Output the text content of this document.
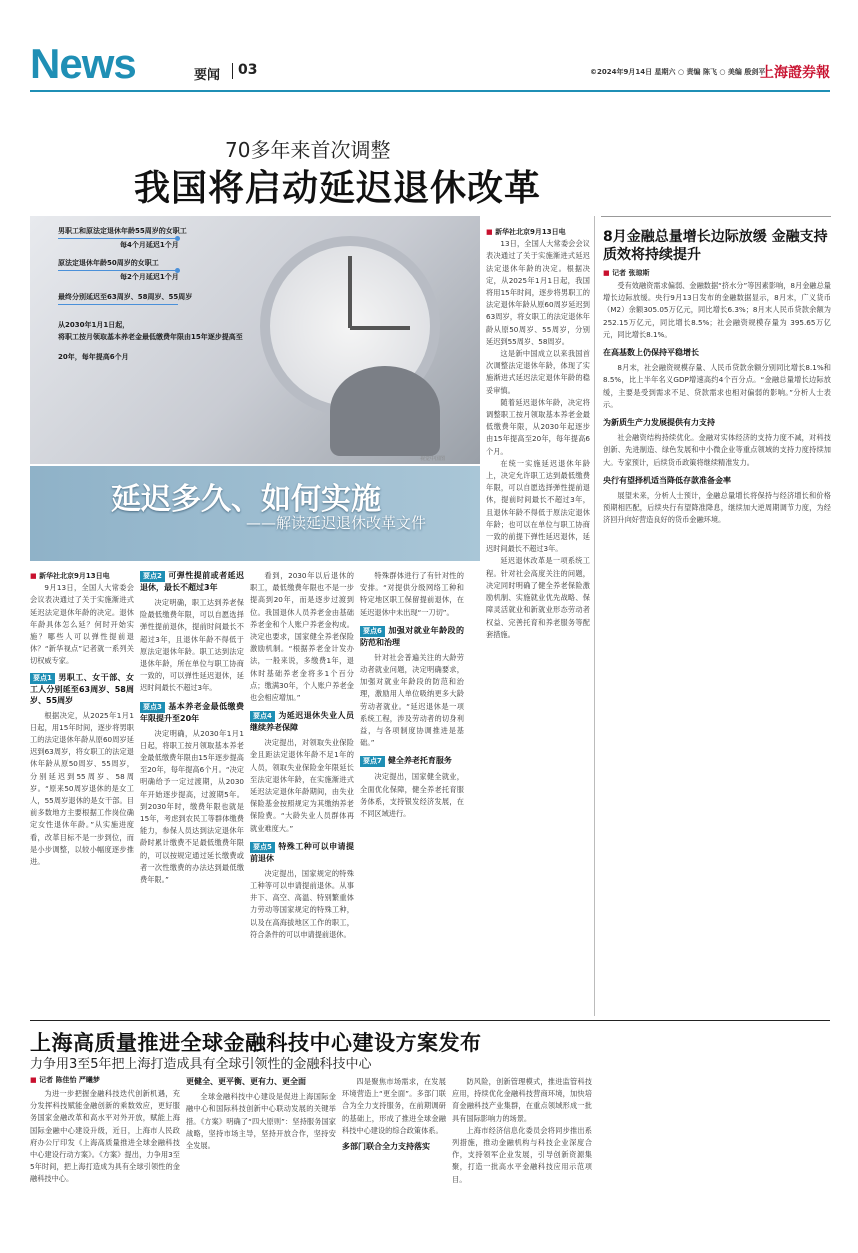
News	要闻 03	©2024年9月14日 星期六 ○ 责编 陈飞 ○ 美编 殷剑平
上海證券報
70多年来首次调整
我国将启动延迟退休改革
视觉中国图
男职工和原法定退休年龄55周岁的女职工
每4个月延迟1个月
原法定退休年龄50周岁的女职工
每2个月延迟1个月
最终分别延迟至63周岁、58周岁、55周岁
从2030年1月1日起，
将职工按月领取基本养老金最低缴费年限由15年逐步提高至
20年，每年提高6个月
延迟多久、如何实施
——解读延迟退休改革文件
■ 新华社北京9月13日电

13日，全国人大常委会会议表决通过了关于实施渐进式延迟法定退休年龄的决定。根据决定，从2025年1月1日起，我国将用15年时间，逐步将男职工的法定退休年龄从原60周岁延迟到63周岁，将女职工的法定退休年龄从原50周岁、55周岁，分别延迟到55周岁、58周岁。

这是新中国成立以来我国首次调整法定退休年龄，体现了实施渐进式延迟法定退休年龄的稳妥审慎。

随着延迟退休年龄，决定将调整职工按月领取基本养老金最低缴费年限，从2030年起逐步由15年提高至20年，每年提高6个月。

在统一实施延迟退休年龄上，决定允许职工达到最低缴费年限，可以自愿选择弹性提前退休，提前时间最长不超过3年，且退休年龄不得低于原法定退休年龄；也可以在单位与职工协商一致的前提下弹性延迟退休，延迟时间最长不超过3年。

延迟退休改革是一项系统工程。针对社会高度关注的问题，决定同时明确了健全养老保险激励机制、实施就业优先战略、保障灵活就业和新就业形态劳动者权益、完善托育和养老服务等配套措施。

■ 新华社北京9月13日电

9月13日，全国人大常委会会议表决通过了关于实施渐进式延迟法定退休年龄的决定。退休年龄具体怎么延？何时开始实施？哪些人可以弹性提前退休？“新华视点”记者就一系列关切权威专家。

要点1 男职工、女干部、女工人分别延至63周岁、58周岁、55周岁

根据决定，从2025年1月1日起，用15年时间，逐步将男职工的法定退休年龄从原60周岁延迟到63周岁，将女职工的法定退休年龄从原50周岁、55周岁，分别延迟到55周岁、58周岁。“原来50周岁退休的是女工人，55周岁退休的是女干部。目前多数地方主要根据工作岗位确定女性退休年龄。”从实施进度看，改革目标不是一步到位，而是小步调整，以较小幅度逐步推进。

要点2 可弹性提前或者延迟退休，最长不超过3年

决定明确，职工达到养老保险最低缴费年限，可以自愿选择弹性提前退休，提前时间最长不超过3年，且退休年龄不得低于原法定退休年龄。职工达到法定退休年龄，所在单位与职工协商一致的，可以弹性延迟退休，延迟时间最长不超过3年。

要点3 基本养老金最低缴费年限提升至20年

决定明确，从2030年1月1日起，将职工按月领取基本养老金最低缴费年限由15年逐步提高至20年，每年提高6个月。“决定明确给予一定过渡期，从2030年开始逐步提高，过渡期5年。到2030年时，缴费年限也就是15年，考虑到农民工等群体缴费能力，参保人员达到法定退休年龄时累计缴费不足最低缴费年限的，可以按规定通过延长缴费或者一次性缴费的办法达到最低缴费年限。”

看到，2030年以后退休的职工，最低缴费年限也不是一步提高到20年，而是逐步过渡到位。我国退休人员养老金由基础养老金和个人账户养老金构成。决定也要求，国家健全养老保险激励机制。“根据养老金计发办法，一般来说，多缴费1年，退休时基础养老金将多1个百分点；缴满30年，个人账户养老金也会相应增加。”

要点4 为延迟退休失业人员继续养老保障

决定提出，对领取失业保险金且距法定退休年龄不足1年的人员，领取失业保险金年限延长至法定退休年龄，在实施渐进式延迟法定退休年龄期间，由失业保险基金按照规定为其缴纳养老保险费。“大龄失业人员群体再就业难度大。”

要点5 特殊工种可以申请提前退休

决定提出，国家规定的特殊工种等可以申请提前退休。从事井下、高空、高温、特别繁重体力劳动等国家规定的特殊工种，以及在高海拔地区工作的职工，符合条件的可以申请提前退休。

特殊群体进行了有针对性的安排。“对提供分级网络工种和特定地区职工保留提前退休，在延迟退休中未出现“一刀切”。

要点6 加强对就业年龄段的防范和治理

针对社会普遍关注的大龄劳动者就业问题，决定明确要求，加强对就业年龄段的防范和治理，激励用人单位吸纳更多大龄劳动者就业。“延迟退休是一项系统工程，涉及劳动者的切身利益，与各项制度协调推进是基础。”

要点7 健全养老托育服务

决定提出，国家健全就业，全面优化保障，健全养老托育服务体系，支持银发经济发展，在不同区域进行。

8月金融总量增长边际放缓 金融支持质效将持续提升
■ 记者 张琼斯

受有效融资需求偏弱、金融数据“挤水分”等因素影响，8月金融总量增长边际放缓。央行9月13日发布的金融数据显示，8月末，广义货币（M2）余额305.05万亿元，同比增长6.3%；8月末人民币贷款余额为 252.15万亿元，同比增长8.5%；社会融资规模存量为 395.65万亿元，同比增长8.1%。

在高基数上仍保持平稳增长

8月末，社会融资规模存量、人民币贷款余额分别同比增长8.1%和8.5%，比上半年名义GDP增速高约4个百分点。“金融总量增长边际放缓，主要是受到需求不足、贷款需求也相对偏弱的影响。”分析人士表示。

为新质生产力发展提供有力支持

社会融资结构持续优化。金融对实体经济的支持力度不减，对科技创新、先进制造、绿色发展和中小微企业等重点领域的支持力度持续加大。专家预计，后续货币政策将继续精准发力。

央行有望择机适当降低存款准备金率

展望未来，分析人士预计，金融总量增长将保持与经济增长和价格预期相匹配，后续央行有望降准降息，继续加大逆周期调节力度，为经济回升向好营造良好的货币金融环境。

上海高质量推进全球金融科技中心建设方案发布
力争用3至5年把上海打造成具有全球引领性的金融科技中心
■ 记者 陈佳怡 严曦梦

为进一步把握金融科技迭代创新机遇，充分发挥科技赋能金融创新的乘数效应，更好服务国家金融改革和高水平对外开放，赋能上海国际金融中心建设升级，近日，上海市人民政府办公厅印发《上海高质量推进全球金融科技中心建设行动方案》。《方案》提出，力争用3至5年时间，把上海打造成为具有全球引领性的金融科技中心。

更健全、更平衡、更有力、更全面

全球金融科技中心建设是促进上海国际金融中心和国际科技创新中心联动发展的关键举措。《方案》明确了“四大原则”：坚持服务国家战略，坚持市场主导，坚持开放合作，坚持安全发展。

四是聚焦市场需求，在发展环境营造上“更全面”。多部门联合为全力支持服务，在前期调研的基础上，形成了推进全球金融科技中心建设的综合政策体系。

多部门联合全力支持落实

防风险，创新管理模式，推进监管科技应用，持续优化金融科技营商环境，加快培育金融科技产业集群，在重点领域形成一批具有国际影响力的场景。

上海市经济信息化委员会将同步推出系列措施，推动金融机构与科技企业深度合作，支持领军企业发展，引导创新资源集聚，打造一批高水平金融科技应用示范项目。
